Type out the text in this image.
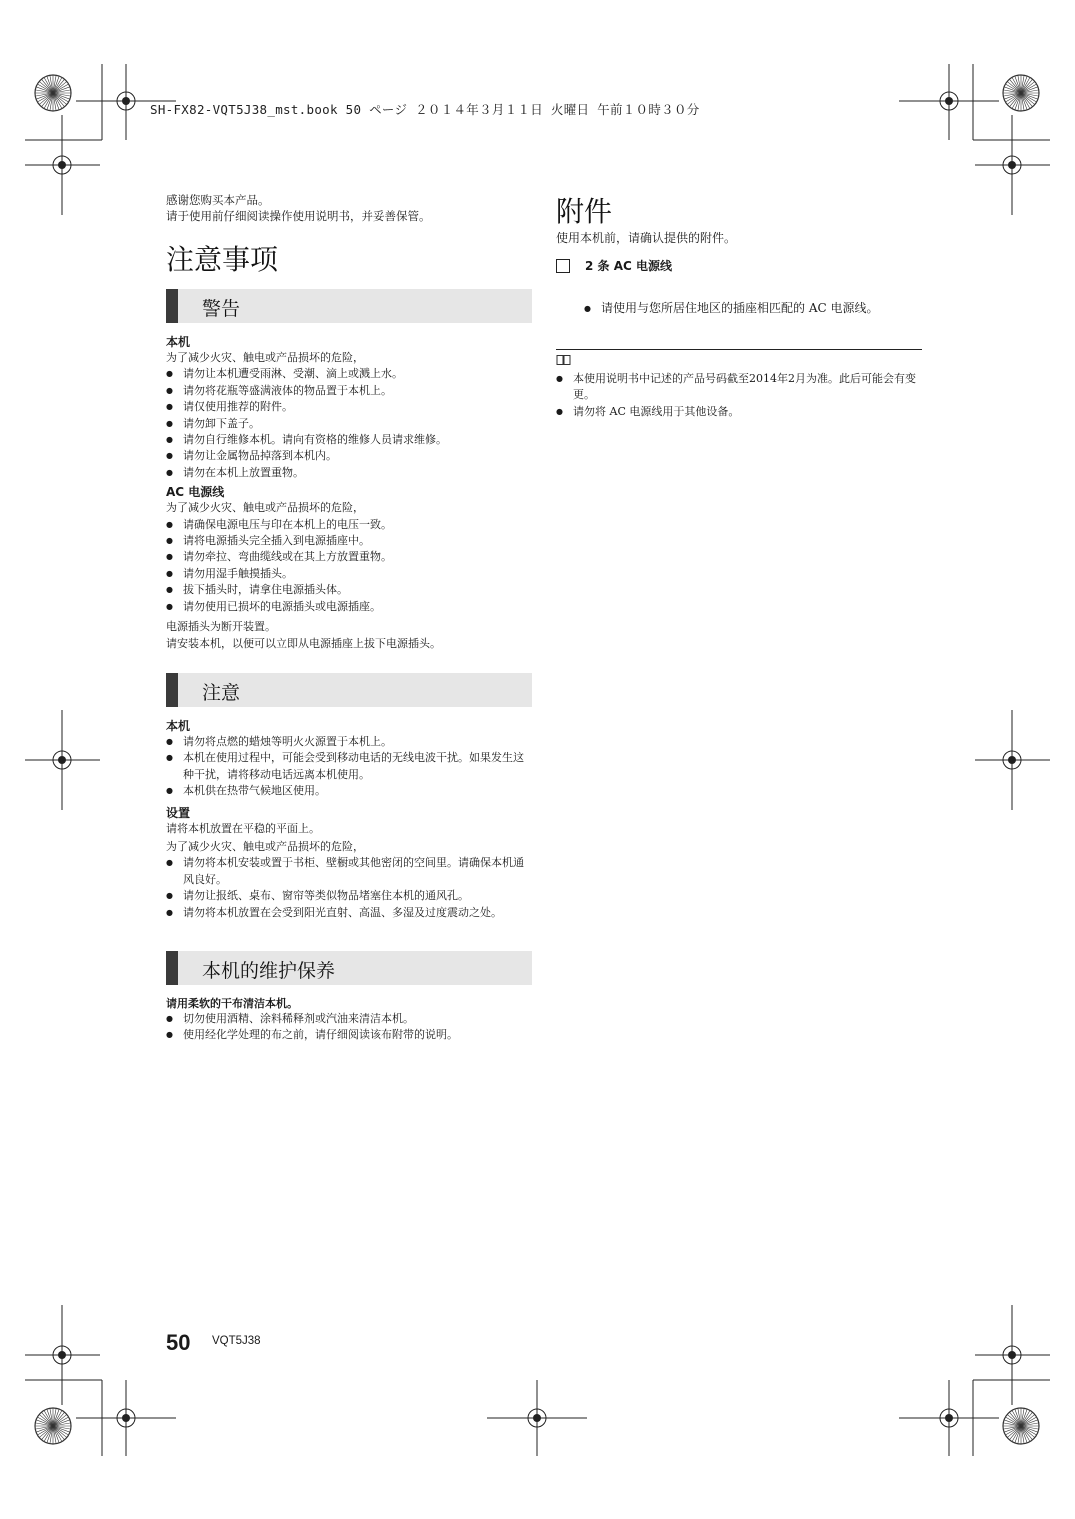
SH-FX82-VQT5J38_mst.book 50 ページ ２０１４年３月１１日 火曜日 午前１０時３０分
感谢您购买本产品。
请于使用前仔细阅读操作使用说明书，并妥善保管。
注意事项
警告
本机
为了减少火灾、触电或产品损坏的危险，
● 请勿让本机遭受雨淋、受潮、滴上或溅上水。
● 请勿将花瓶等盛满液体的物品置于本机上。
● 请仅使用推荐的附件。
● 请勿卸下盖子。
● 请勿自行维修本机。请向有资格的维修人员请求维修。
● 请勿让金属物品掉落到本机内。
● 请勿在本机上放置重物。
AC 电源线
为了减少火灾、触电或产品损坏的危险，
● 请确保电源电压与印在本机上的电压一致。
● 请将电源插头完全插入到电源插座中。
● 请勿牵拉、弯曲缆线或在其上方放置重物。
● 请勿用湿手触摸插头。
● 拔下插头时，请拿住电源插头体。
● 请勿使用已损坏的电源插头或电源插座。
电源插头为断开装置。
请安装本机，以便可以立即从电源插座上拔下电源插头。
注意
本机
● 请勿将点燃的蜡烛等明火火源置于本机上。
● 本机在使用过程中，可能会受到移动电话的无线电波干扰。如果发生这种干扰，请将移动电话远离本机使用。
● 本机供在热带气候地区使用。
设置
请将本机放置在平稳的平面上。
为了减少火灾、触电或产品损坏的危险，
● 请勿将本机安装或置于书柜、壁橱或其他密闭的空间里。请确保本机通风良好。
● 请勿让报纸、桌布、窗帘等类似物品堵塞住本机的通风孔。
● 请勿将本机放置在会受到阳光直射、高温、多湿及过度震动之处。
本机的维护保养
请用柔软的干布清洁本机。
● 切勿使用酒精、涂料稀释剂或汽油来清洁本机。
● 使用经化学处理的布之前，请仔细阅读该布附带的说明。
附件
使用本机前，请确认提供的附件。
2 条 AC 电源线
● 请使用与您所居住地区的插座相匹配的 AC 电源线。
● 本使用说明书中记述的产品号码截至2014年2月为准。此后可能会有变更。
● 请勿将 AC 电源线用于其他设备。
50 VQT5J38
